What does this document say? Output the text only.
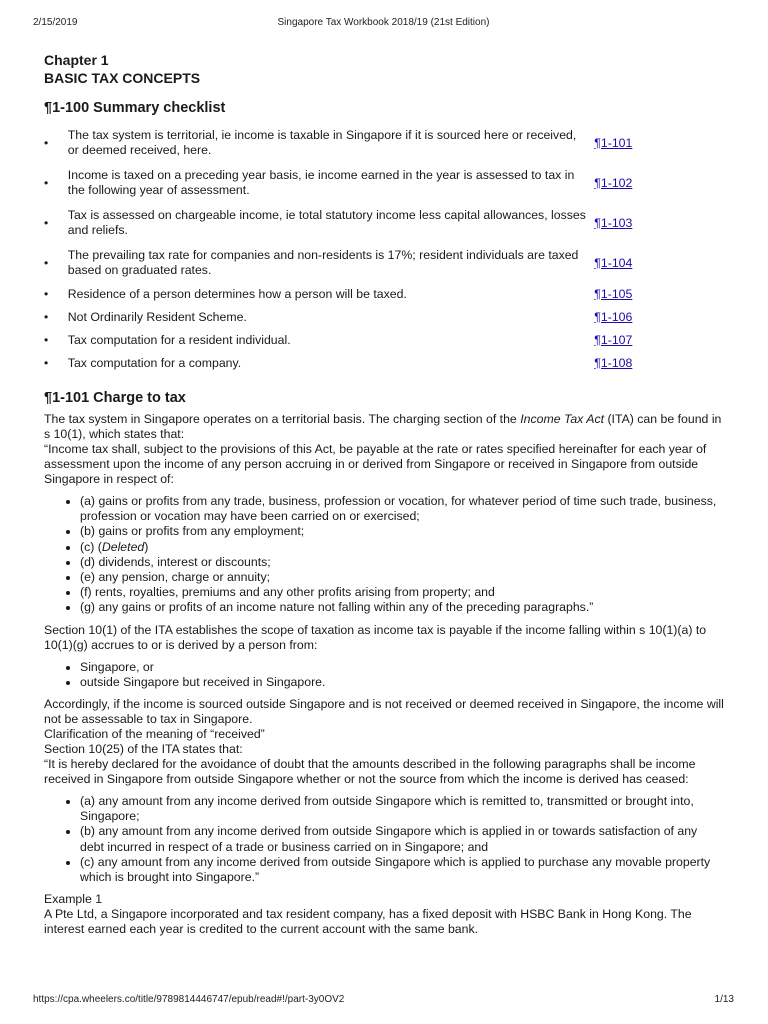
2/15/2019	Singapore Tax Workbook 2018/19 (21st Edition)

Chapter 1

BASIC TAX CONCEPTS

¶1-100 Summary checklist
•	The tax system is territorial, ie income is taxable in Singapore if it is sourced here or received, or deemed received, here.	¶1-101
•	Income is taxed on a preceding year basis, ie income earned in the year is assessed to tax in the following year of assessment.	¶1-102
•	Tax is assessed on chargeable income, ie total statutory income less capital allowances, losses and reliefs.	¶1-103
•	The prevailing tax rate for companies and non-residents is 17%; resident individuals are taxed based on graduated rates.	¶1-104
•	Residence of a person determines how a person will be taxed.	¶1-105
•	Not Ordinarily Resident Scheme.	¶1-106
•	Tax computation for a resident individual.	¶1-107
•	Tax computation for a company.	¶1-108
¶1-101 Charge to tax

The tax system in Singapore operates on a territorial basis. The charging section of the Income Tax Act (ITA) can be found in s 10(1), which states that:

“Income tax shall, subject to the provisions of this Act, be payable at the rate or rates specified hereinafter for each year of assessment upon the income of any person accruing in or derived from Singapore or received in Singapore from outside Singapore in respect of:

• (a) gains or profits from any trade, business, profession or vocation, for whatever period of time such trade, business, profession or vocation may have been carried on or exercised;
• (b) gains or profits from any employment;
• (c) (Deleted)
• (d) dividends, interest or discounts;
• (e) any pension, charge or annuity;
• (f) rents, royalties, premiums and any other profits arising from property; and
• (g) any gains or profits of an income nature not falling within any of the preceding paragraphs.”

Section 10(1) of the ITA establishes the scope of taxation as income tax is payable if the income falling within s 10(1)(a) to 10(1)(g) accrues to or is derived by a person from:

• Singapore, or
• outside Singapore but received in Singapore.

Accordingly, if the income is sourced outside Singapore and is not received or deemed received in Singapore, the income will not be assessable to tax in Singapore.

Clarification of the meaning of “received”

Section 10(25) of the ITA states that:

“It is hereby declared for the avoidance of doubt that the amounts described in the following paragraphs shall be income received in Singapore from outside Singapore whether or not the source from which the income is derived has ceased:

• (a) any amount from any income derived from outside Singapore which is remitted to, transmitted or brought into, Singapore;
• (b) any amount from any income derived from outside Singapore which is applied in or towards satisfaction of any debt incurred in respect of a trade or business carried on in Singapore; and
• (c) any amount from any income derived from outside Singapore which is applied to purchase any movable property which is brought into Singapore.”

Example 1

A Pte Ltd, a Singapore incorporated and tax resident company, has a fixed deposit with HSBC Bank in Hong Kong. The interest earned each year is credited to the current account with the same bank.

https://cpa.wheelers.co/title/9789814446747/epub/read#!/part-3y0OV2	1/13
